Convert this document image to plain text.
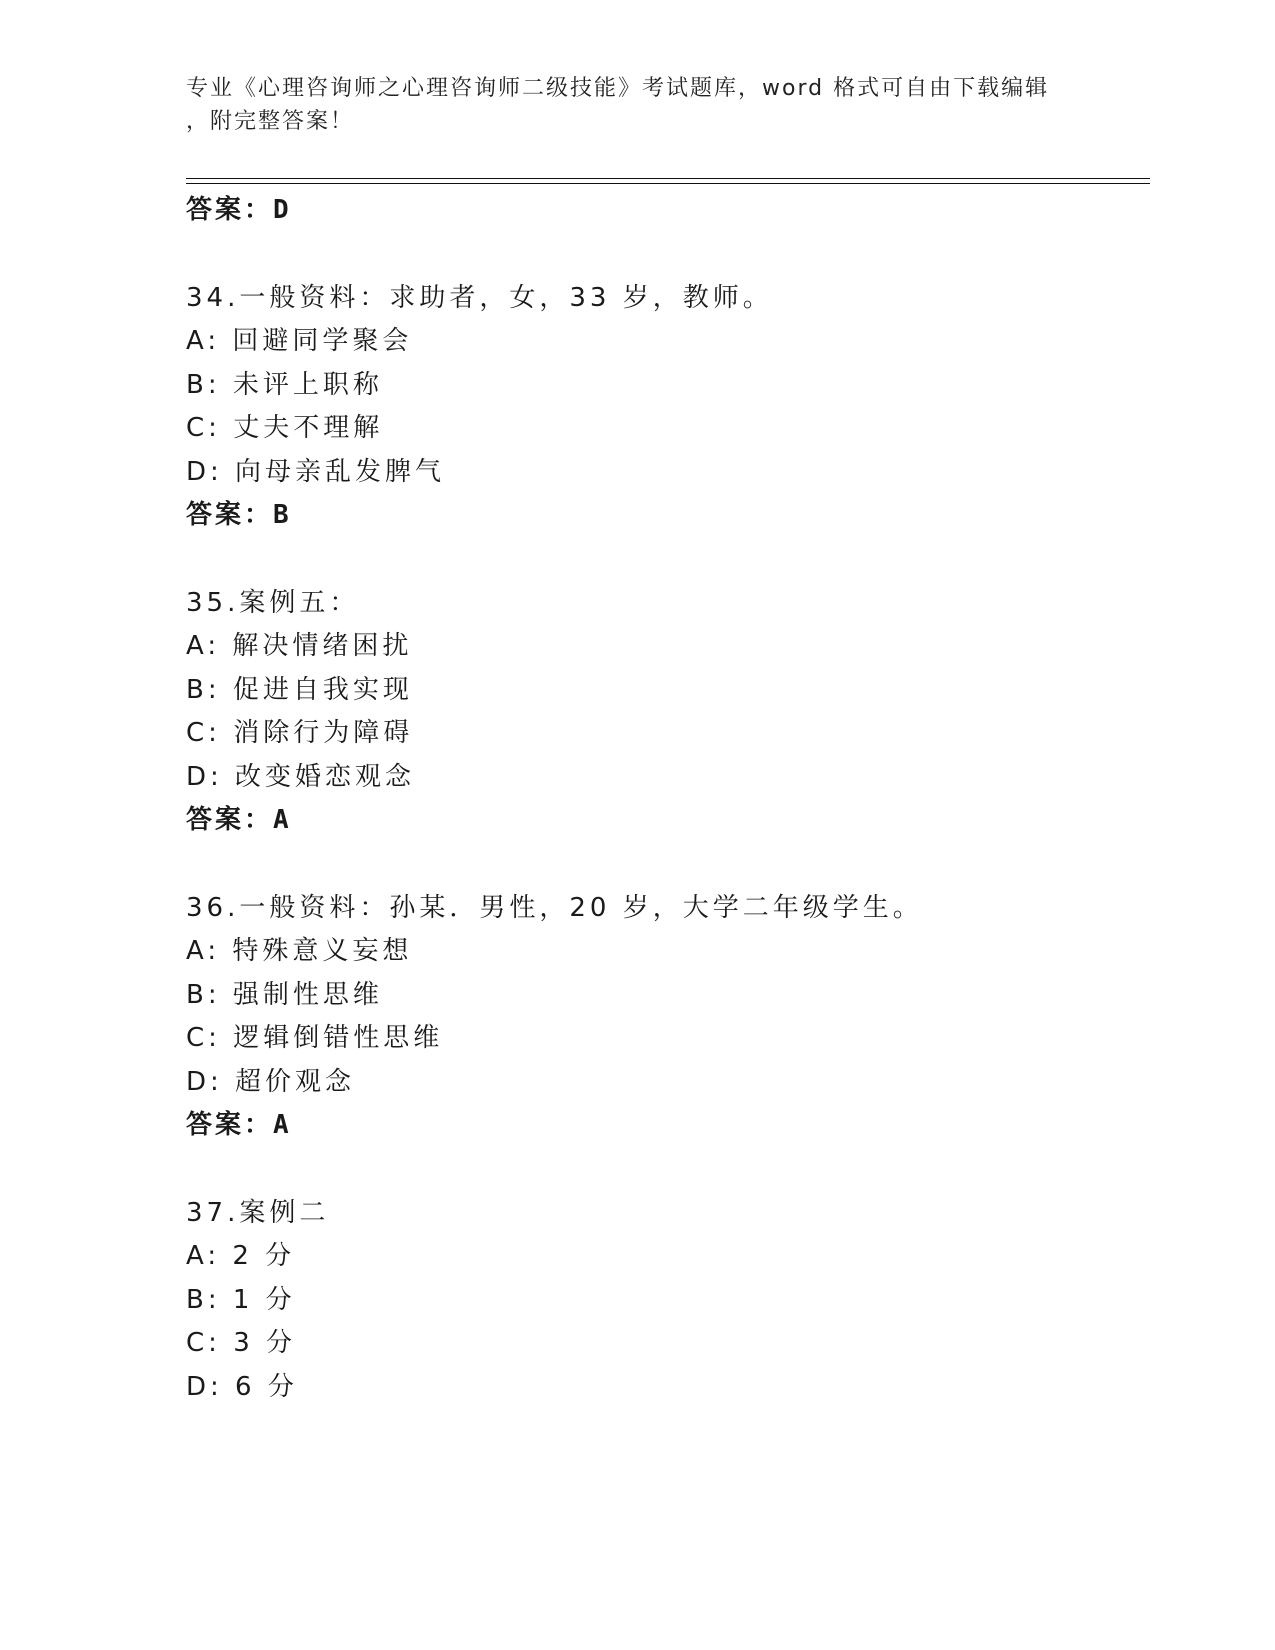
专业《心理咨询师之心理咨询师二级技能》考试题库，word 格式可自由下载编辑
，附完整答案！
答案：D
34.一般资料：求助者，女，33 岁，教师。
A: 回避同学聚会
B: 未评上职称
C: 丈夫不理解
D: 向母亲乱发脾气
答案：B
35.案例五：
A: 解决情绪困扰
B: 促进自我实现
C: 消除行为障碍
D: 改变婚恋观念
答案：A
36.一般资料：孙某．男性，20 岁，大学二年级学生。
A: 特殊意义妄想
B: 强制性思维
C: 逻辑倒错性思维
D: 超价观念
答案：A
37.案例二
A: 2 分
B: 1 分
C: 3 分
D: 6 分
